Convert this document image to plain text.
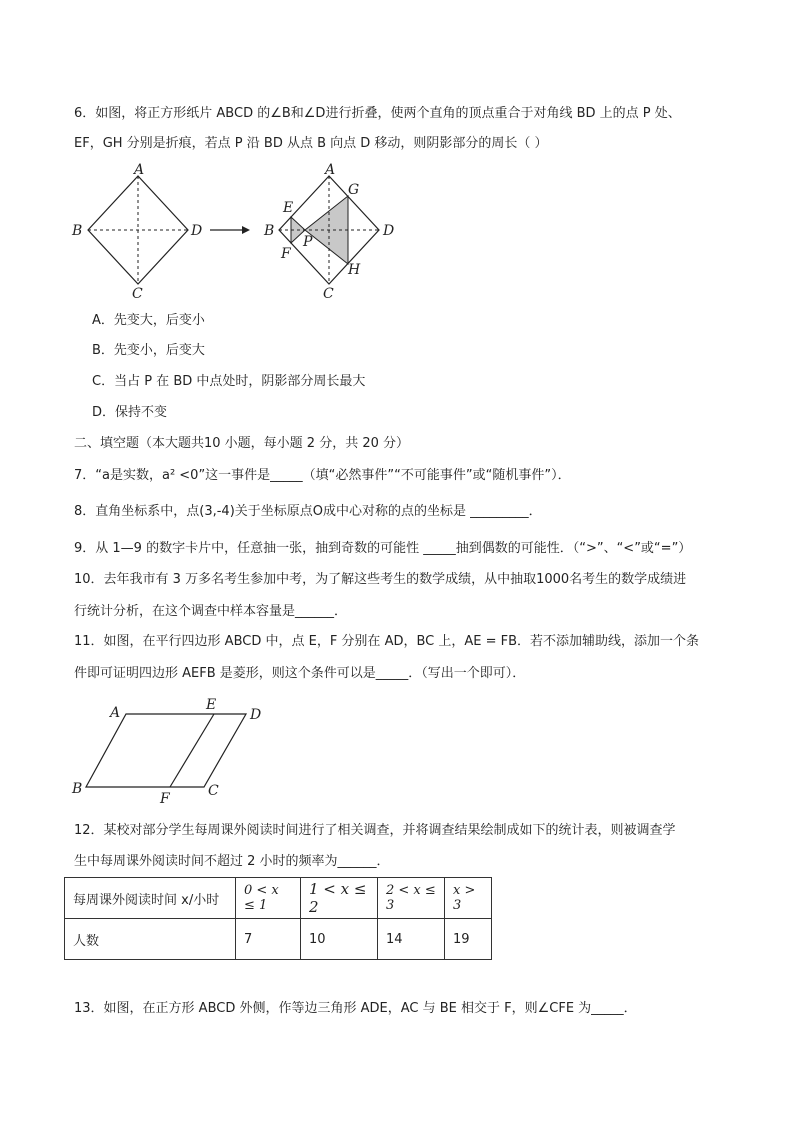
6．如图，将正方形纸片 ABCD 的∠B和∠D进行折叠，使两个直角的顶点重合于对角线 BD 上的点 P 处、
EF，GH 分别是折痕，若点 P 沿 BD 从点 B 向点 D 移动，则阴影部分的周长（ ）
A
B
C
D
A
B
C
D
E
F
G
H
P
A．先变大，后变小
B．先变小，后变大
C．当占 P 在 BD 中点处时，阴影部分周长最大
D．保持不变
二、填空题（本大题共10 小题，每小题 2 分，共 20 分）
7．“a是实数，a² <0”这一事件是_____（填“必然事件”“不可能事件”或“随机事件”）．
8．直角坐标系中，点(3,-4)关于坐标原点O成中心对称的点的坐标是 _________．
9．从 1—9 的数字卡片中，任意抽一张，抽到奇数的可能性 _____抽到偶数的可能性．（“>”、“<”或“=”）
10．去年我市有 3 万多名考生参加中考，为了解这些考生的数学成绩，从中抽取1000名考生的数学成绩进
行统计分析，在这个调查中样本容量是______．
11．如图，在平行四边形 ABCD 中，点 E，F 分别在 AD，BC 上，AE = FB．若不添加辅助线，添加一个条
件即可证明四边形 AEFB 是菱形，则这个条件可以是_____．（写出一个即可）．
A	D
E
B
F	C
12．某校对部分学生每周课外阅读时间进行了相关调查，并将调查结果绘制成如下的统计表，则被调查学
生中每周课外阅读时间不超过 2 小时的频率为______．
每周课外阅读时间 x/小时	0 < x ≤ 1	1 < x ≤ 2	2 < x ≤ 3	x > 3
人数	7	10	14	19
13．如图，在正方形 ABCD 外侧，作等边三角形 ADE，AC 与 BE 相交于 F，则∠CFE 为_____．
